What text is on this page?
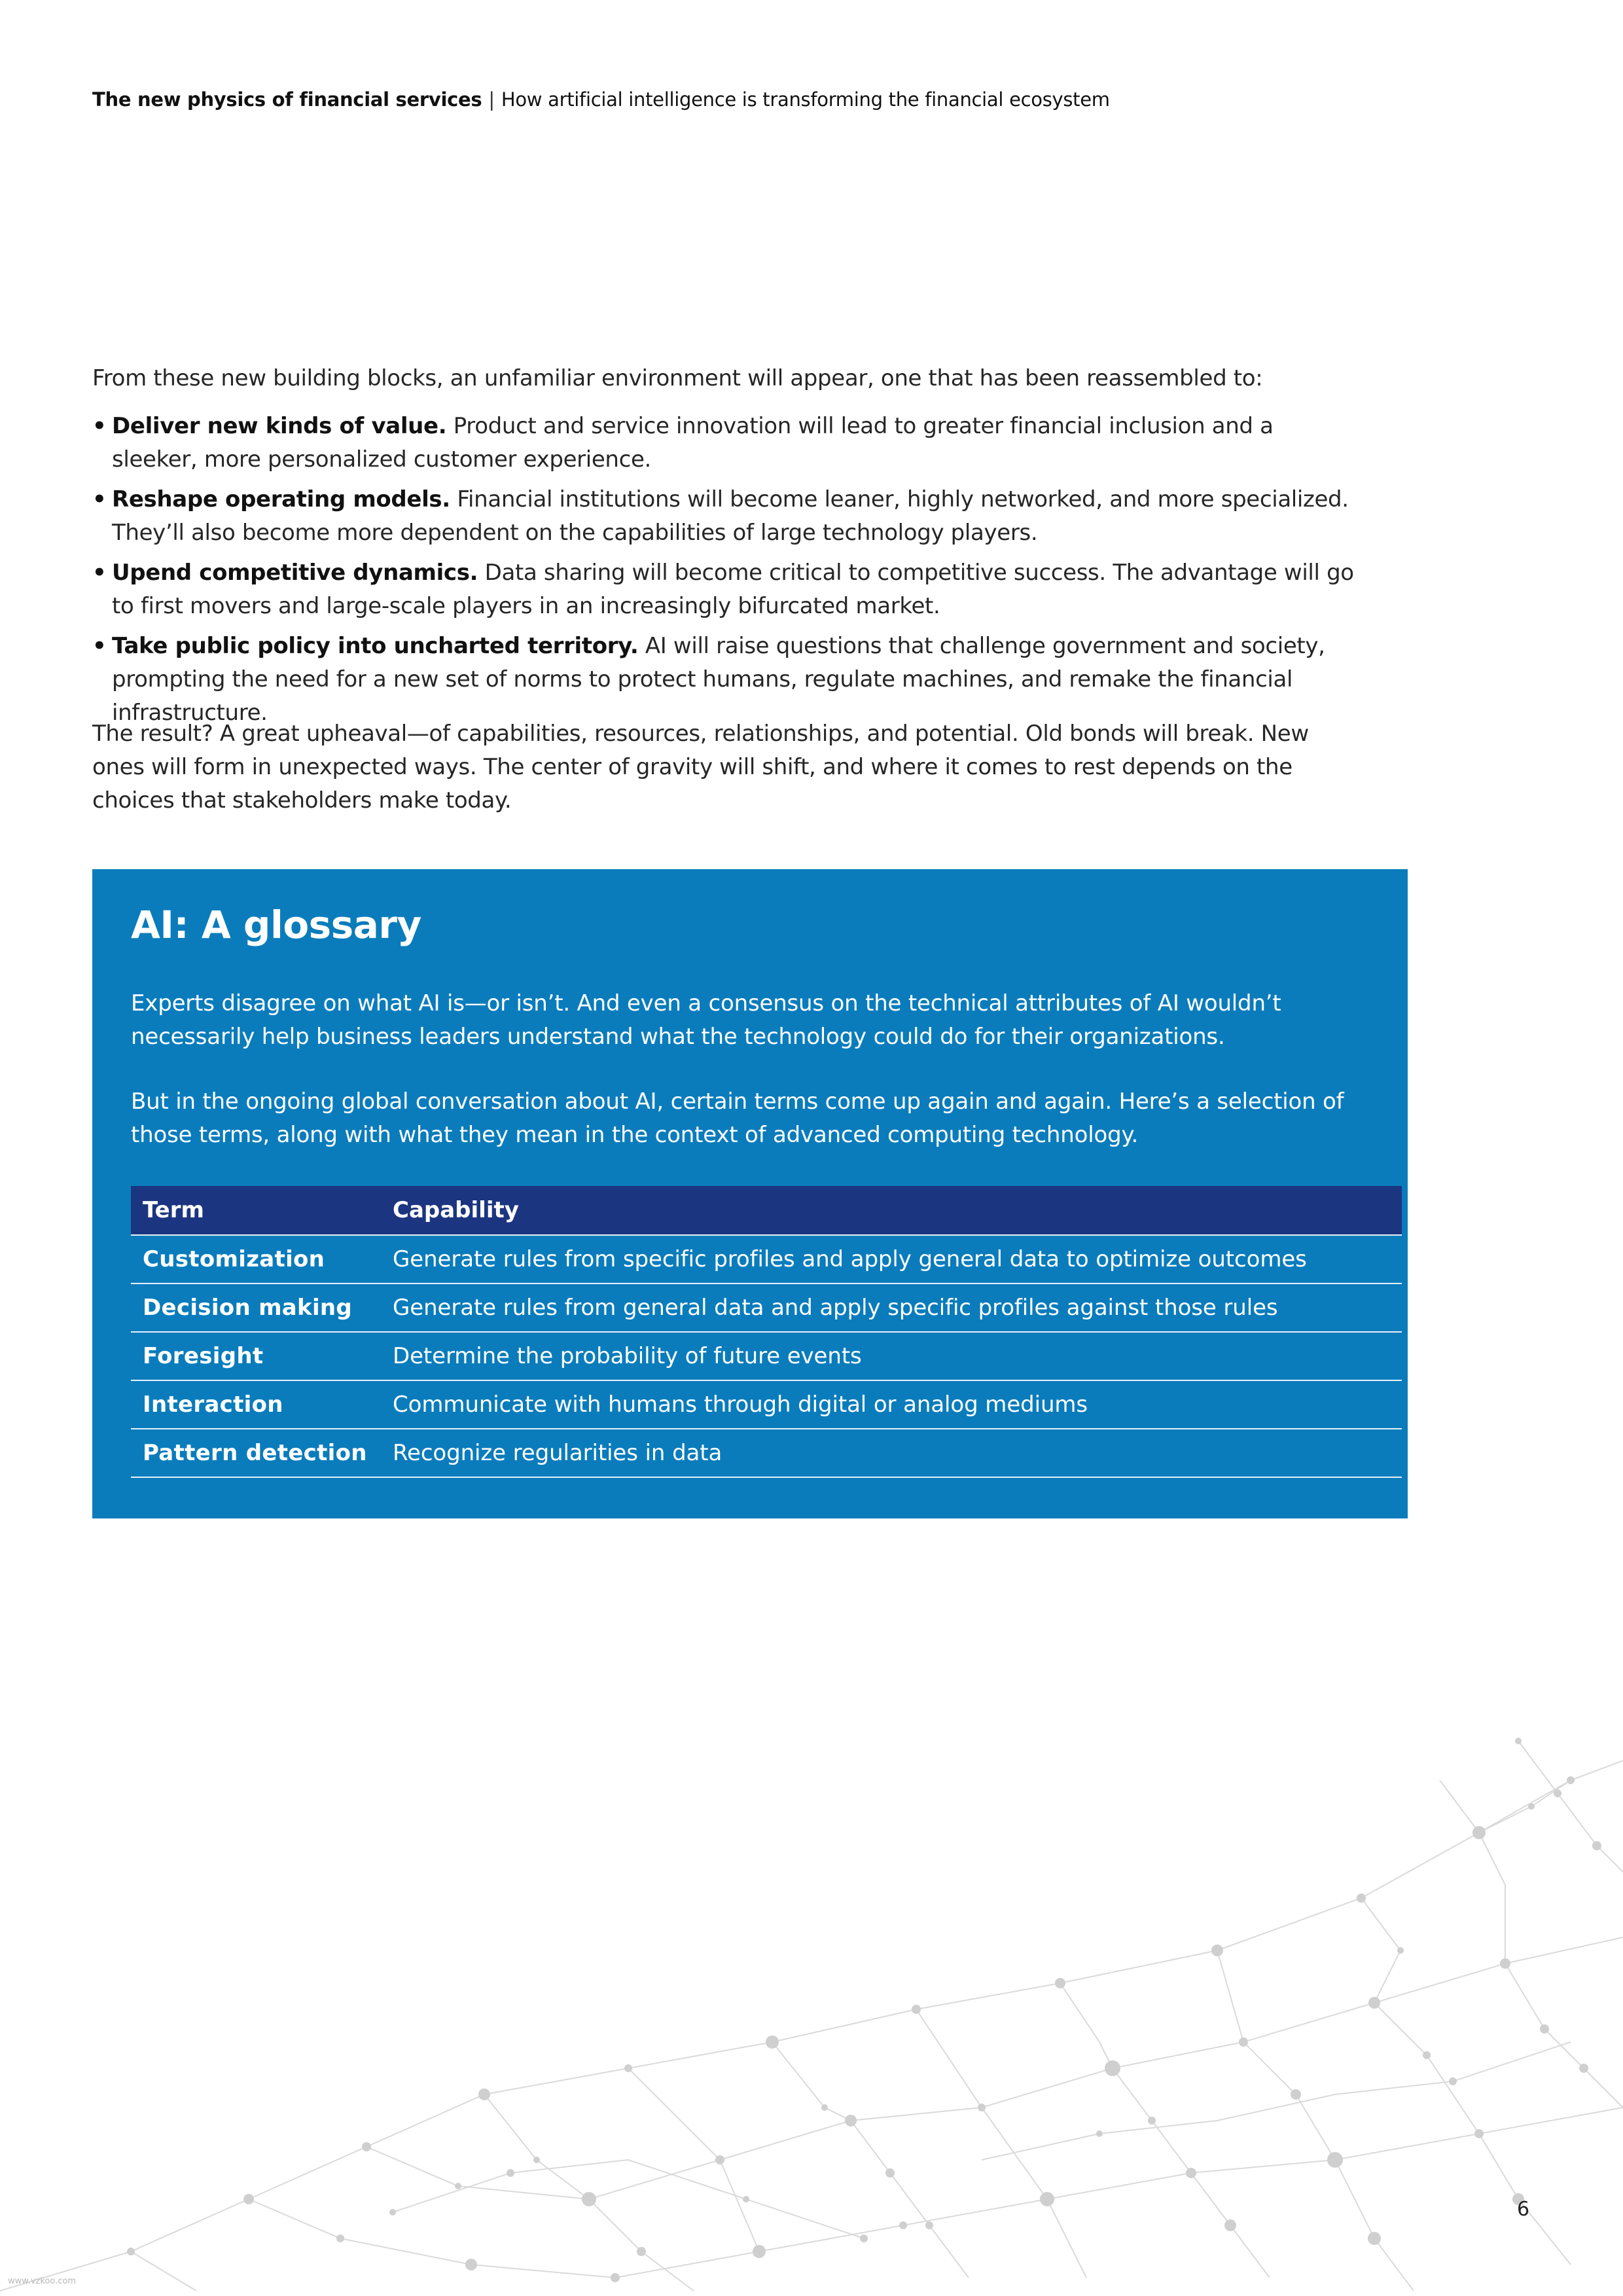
The new physics of financial services | How artificial intelligence is transforming the financial ecosystem

From these new building blocks, an unfamiliar environment will appear, one that has been reassembled to:

• Deliver new kinds of value. Product and service innovation will lead to greater financial inclusion and a sleeker, more personalized customer experience.
• Reshape operating models. Financial institutions will become leaner, highly networked, and more specialized. They’ll also become more dependent on the capabilities of large technology players.
• Upend competitive dynamics. Data sharing will become critical to competitive success. The advantage will go to first movers and large-scale players in an increasingly bifurcated market.
• Take public policy into uncharted territory. AI will raise questions that challenge government and society, prompting the need for a new set of norms to protect humans, regulate machines, and remake the financial infrastructure.

The result? A great upheaval—of capabilities, resources, relationships, and potential. Old bonds will break. New ones will form in unexpected ways. The center of gravity will shift, and where it comes to rest depends on the choices that stakeholders make today.

AI: A glossary

Experts disagree on what AI is—or isn’t. And even a consensus on the technical attributes of AI wouldn’t necessarily help business leaders understand what the technology could do for their organizations.

But in the ongoing global conversation about AI, certain terms come up again and again. Here’s a selection of those terms, along with what they mean in the context of advanced computing technology.

Term	Capability
Customization	Generate rules from specific profiles and apply general data to optimize outcomes
Decision making	Generate rules from general data and apply specific profiles against those rules
Foresight	Determine the probability of future events
Interaction	Communicate with humans through digital or analog mediums
Pattern detection	Recognize regularities in data
6
www.vzkoo.com
